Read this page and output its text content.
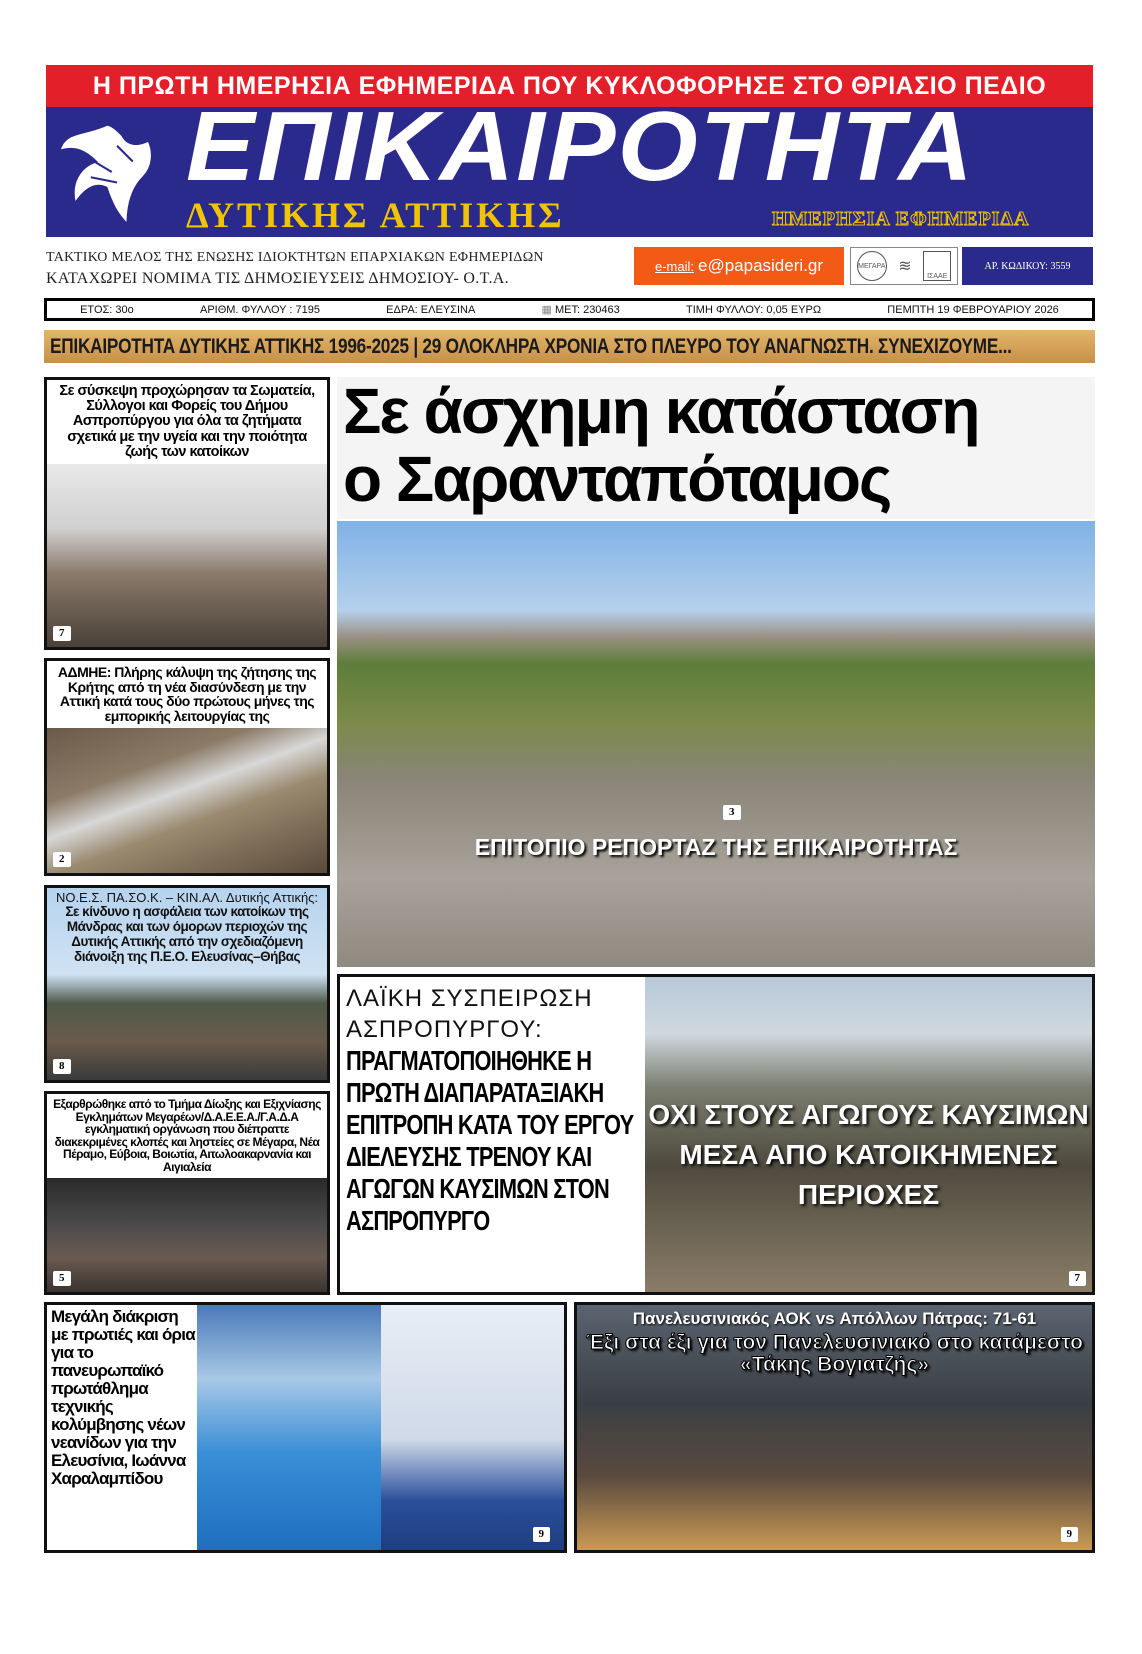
Η ΠΡΩΤΗ ΗΜΕΡΗΣΙΑ ΕΦΗΜΕΡΙΔΑ ΠΟΥ ΚΥΚΛΟΦΟΡΗΣΕ ΣΤΟ ΘΡΙΑΣΙΟ ΠΕΔΙΟ
ΕΠΙΚΑΙΡΟΤΗΤΑ
ΔΥΤΙΚΗΣ ΑΤΤΙΚΗΣ	ΗΜΕΡΗΣΙΑ ΕΦΗΜΕΡΙΔΑ
ΤΑΚΤΙΚΟ ΜΕΛΟΣ ΤΗΣ ΕΝΩΣΗΣ ΙΔΙΟΚΤΗΤΩΝ ΕΠΑΡΧΙΑΚΩΝ ΕΦΗΜΕΡΙΔΩΝ
ΚΑΤΑΧΩΡΕΙ ΝΟΜΙΜΑ ΤΙΣ ΔΗΜΟΣΙΕΥΣΕΙΣ ΔΗΜΟΣΙΟΥ- Ο.Τ.Α.
e-mail: e@papasideri.gr	ΜΕΓΑΡΑ ≋
ΙΣΑΑΕ
ΑΡ. ΚΩΔΙΚΟΥ: 3559
ΕΤΟΣ: 30ο	ΑΡΙΘΜ. ΦΥΛΛΟΥ : 7195	ΕΔΡΑ: ΕΛΕΥΣΙΝΑ	▦ ΜΕΤ: 230463	ΤΙΜΗ ΦΥΛΛΟΥ: 0,05 ΕΥΡΩ	ΠΕΜΠΤΗ 19 ΦΕΒΡΟΥΑΡΙΟΥ 2026
ΕΠΙΚΑΙΡΟΤΗΤΑ ΔΥΤΙΚΗΣ ΑΤΤΙΚΗΣ 1996-2025 | 29 ΟΛΟΚΛΗΡΑ ΧΡΟΝΙΑ ΣΤΟ ΠΛΕΥΡΟ ΤΟΥ ΑΝΑΓΝΩΣΤΗ. ΣΥΝΕΧΙΖΟΥΜΕ...
Σε σύσκεψη προχώρησαν τα Σωματεία, Σύλλογοι και Φορείς του Δήμου Ασπροπύργου για όλα τα ζητήματα σχετικά με την υγεία και την ποιότητα ζωής των κατοίκων
7
ΑΔΜΗΕ: Πλήρης κάλυψη της ζήτησης της Κρήτης από τη νέα διασύνδεση με την Αττική κατά τους δύο πρώτους μήνες της εμπορικής λειτουργίας της
2
ΝΟ.Ε.Σ. ΠΑ.ΣΟ.Κ. – ΚΙΝ.ΑΛ. Δυτικής Αττικής:
Σε κίνδυνο η ασφάλεια των κατοίκων της Μάνδρας και των όμορων περιοχών της Δυτικής Αττικής από την σχεδιαζόμενη διάνοιξη της Π.Ε.Ο. Ελευσίνας–Θήβας
8
Εξαρθρώθηκε από το Τμήμα Δίωξης και Εξιχνίασης Εγκλημάτων Μεγαρέων/Δ.Α.Ε.Ε.Α./Γ.Α.Δ.Α εγκληματική οργάνωση που διέπραττε διακεκριμένες κλοπές και ληστείες σε Μέγαρα, Νέα Πέραμο, Εύβοια, Βοιωτία, Αιτωλοακαρνανία και Αιγιαλεία
5
Σε άσχημη κατάσταση
ο Σαρανταπόταμος
3
ΕΠΙΤΟΠΙΟ ΡΕΠΟΡΤΑΖ ΤΗΣ ΕΠΙΚΑΙΡΟΤΗΤΑΣ
ΟΧΙ ΣΤΟΥΣ ΑΓΩΓΟΥΣ ΚΑΥΣΙΜΩΝ ΜΕΣΑ ΑΠΟ ΚΑΤΟΙΚΗΜΕΝΕΣ ΠΕΡΙΟΧΕΣ
7
ΛΑΪΚΗ ΣΥΣΠΕΙΡΩΣΗ ΑΣΠΡΟΠΥΡΓΟΥ:
ΠΡΑΓΜΑΤΟΠΟΙΗΘΗΚΕ Η ΠΡΩΤΗ ΔΙΑΠΑΡΑΤΑΞΙΑΚΗ ΕΠΙΤΡΟΠΗ ΚΑΤΑ ΤΟΥ ΕΡΓΟΥ ΔΙΕΛΕΥΣΗΣ ΤΡΕΝΟΥ ΚΑΙ ΑΓΩΓΩΝ ΚΑΥΣΙΜΩΝ ΣΤΟΝ ΑΣΠΡΟΠΥΡΓΟ
Μεγάλη διάκριση με πρωτιές και όρια για το πανευρωπαϊκό πρωτάθλημα τεχνικής κολύμβησης νέων νεανίδων για την Ελευσίνια, Ιωάννα Χαραλαμπίδου
9
Πανελευσινιακός ΑΟΚ vs Απόλλων Πάτρας: 71-61
Έξι στα έξι για τον Πανελευσινιακό στο κατάμεστο «Τάκης Βογιατζής»
9
